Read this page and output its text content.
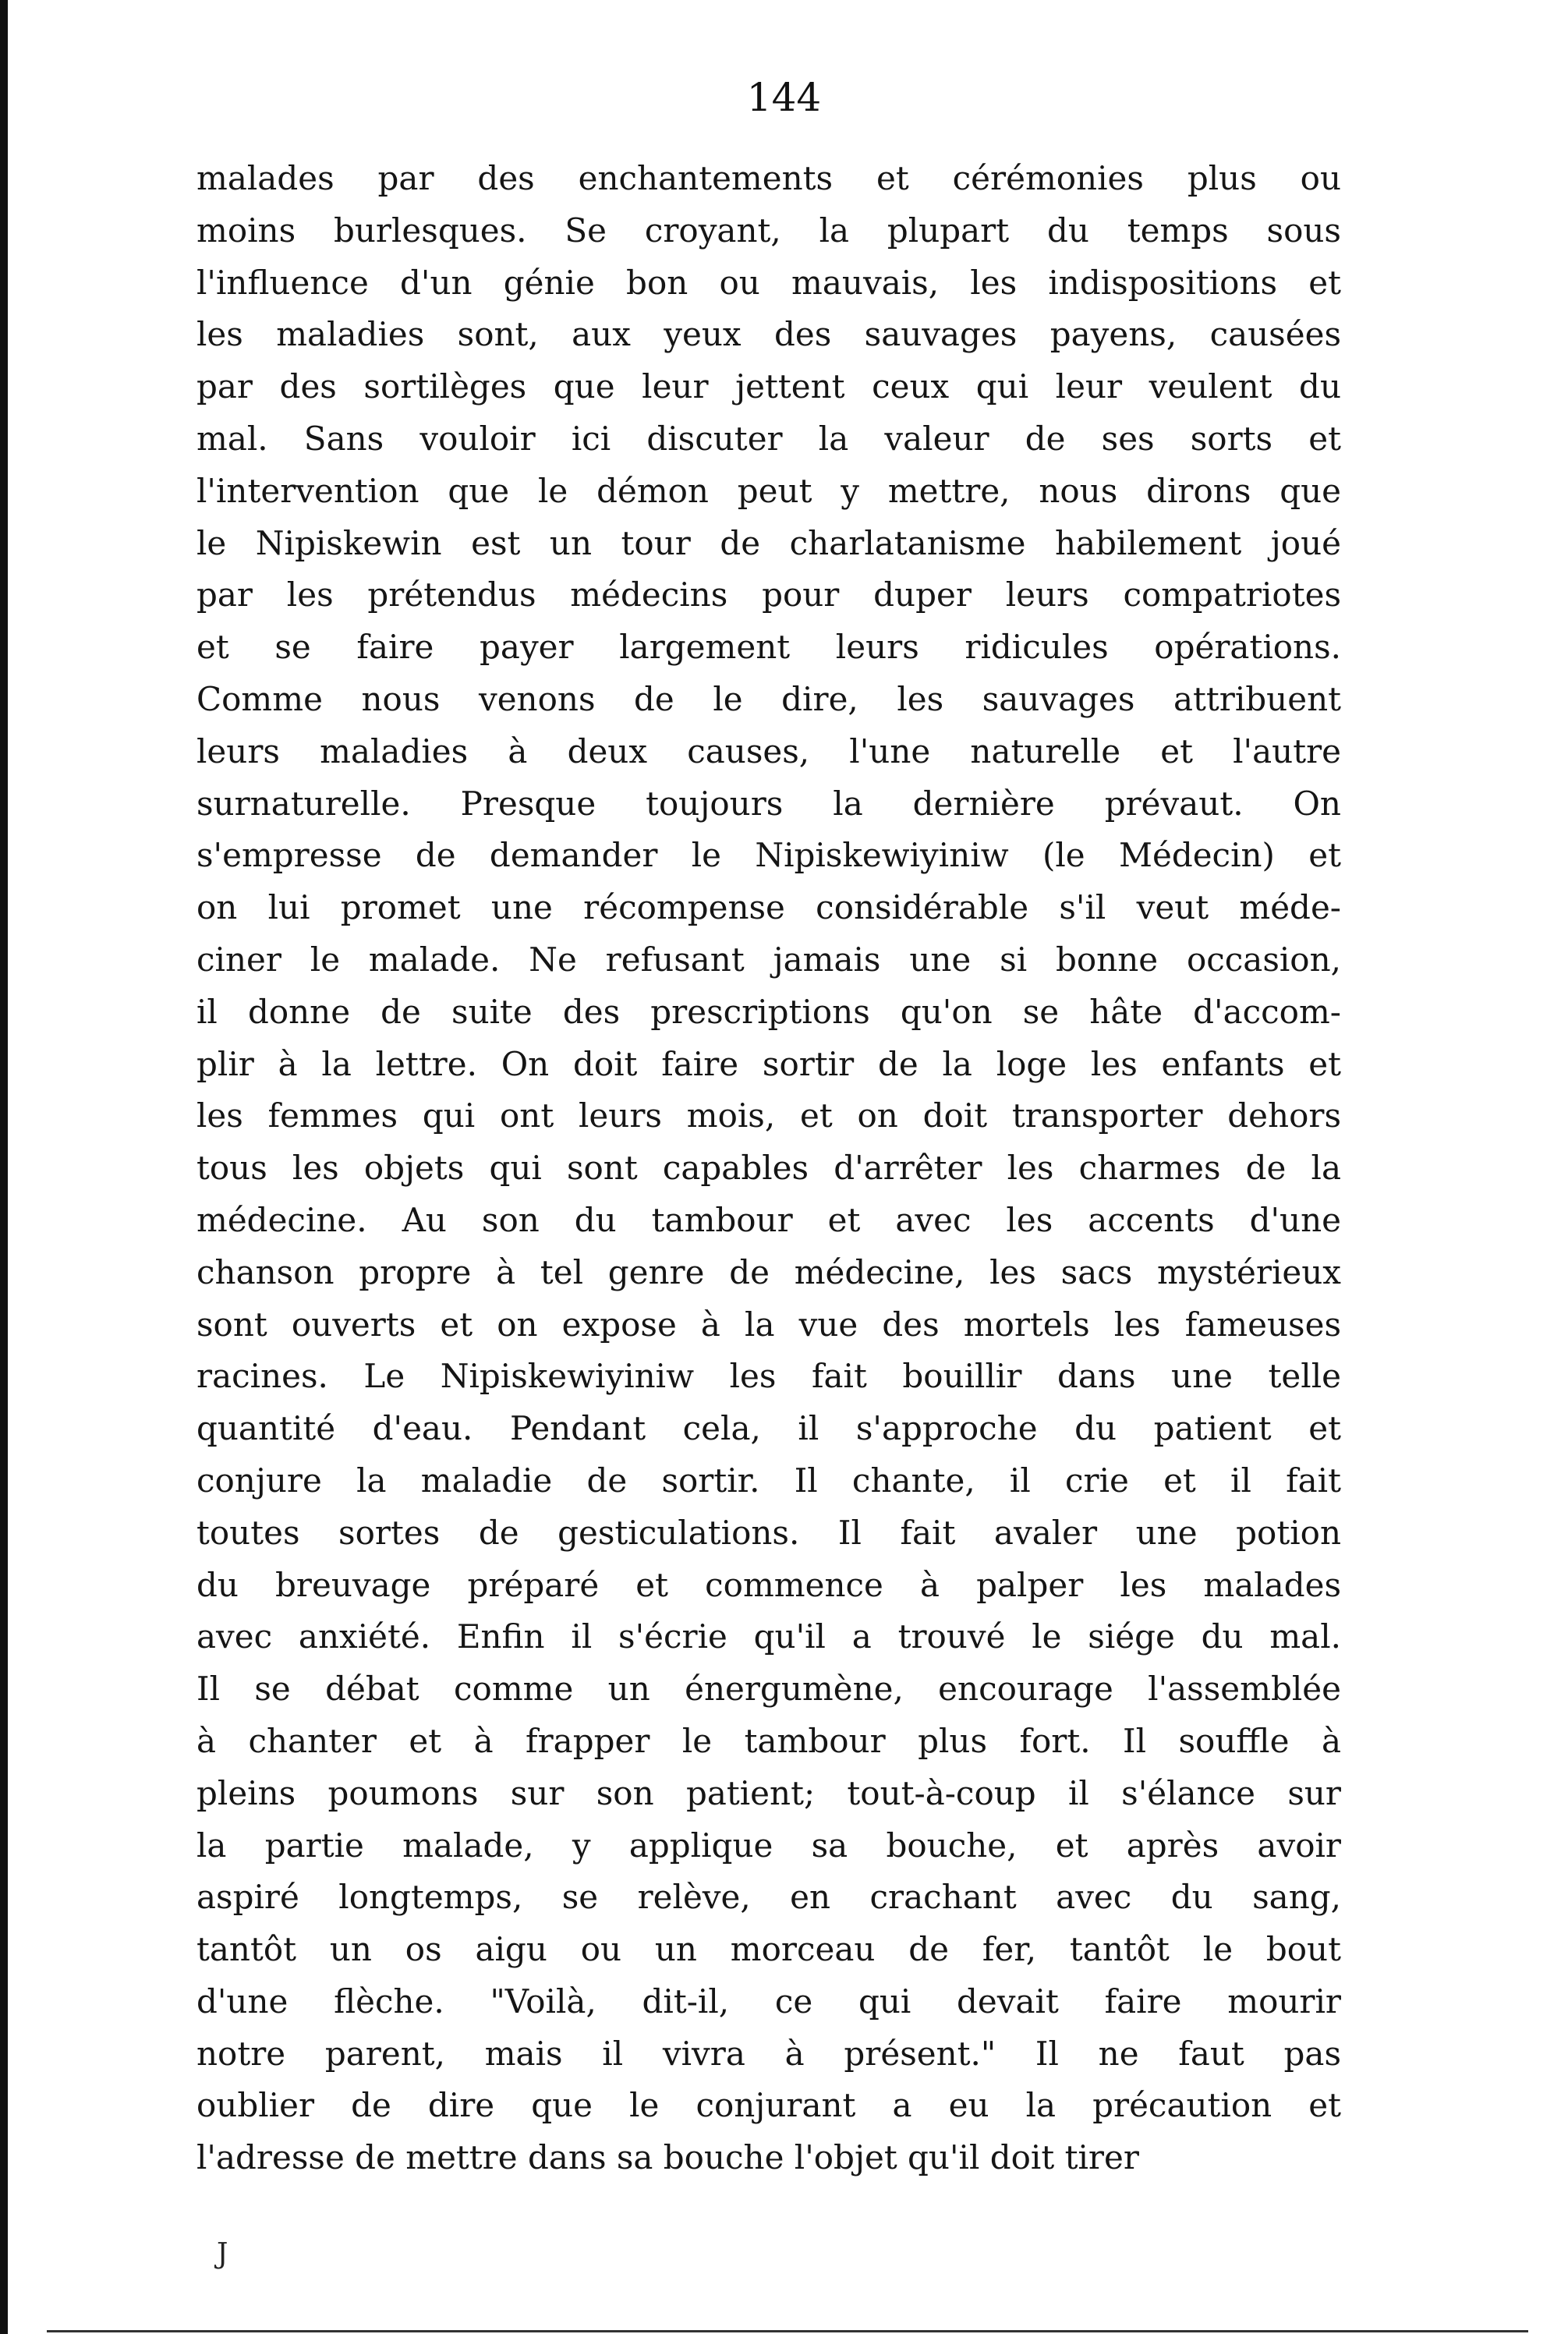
144
malades par des enchantements et cérémonies plus ou
moins burlesques. Se croyant, la plupart du temps sous
l'influence d'un génie bon ou mauvais, les indispositions et
les maladies sont, aux yeux des sauvages payens, causées
par des sortilèges que leur jettent ceux qui leur veulent du
mal. Sans vouloir ici discuter la valeur de ses sorts et
l'intervention que le démon peut y mettre, nous dirons que
le Nipiskewin est un tour de charlatanisme habilement joué
par les prétendus médecins pour duper leurs compatriotes
et se faire payer largement leurs ridicules opérations.
Comme nous venons de le dire, les sauvages attribuent
leurs maladies à deux causes, l'une naturelle et l'autre
surnaturelle. Presque toujours la dernière prévaut. On
s'empresse de demander le Nipiskewiyiniw (le Médecin) et
on lui promet une récompense considérable s'il veut méde-
ciner le malade. Ne refusant jamais une si bonne occasion,
il donne de suite des prescriptions qu'on se hâte d'accom-
plir à la lettre. On doit faire sortir de la loge les enfants et
les femmes qui ont leurs mois, et on doit transporter dehors
tous les objets qui sont capables d'arrêter les charmes de la
médecine. Au son du tambour et avec les accents d'une
chanson propre à tel genre de médecine, les sacs mystérieux
sont ouverts et on expose à la vue des mortels les fameuses
racines. Le Nipiskewiyiniw les fait bouillir dans une telle
quantité d'eau. Pendant cela, il s'approche du patient et
conjure la maladie de sortir. Il chante, il crie et il fait
toutes sortes de gesticulations. Il fait avaler une potion
du breuvage préparé et commence à palper les malades
avec anxiété. Enfin il s'écrie qu'il a trouvé le siége du mal.
Il se débat comme un énergumène, encourage l'assemblée
à chanter et à frapper le tambour plus fort. Il souffle à
pleins poumons sur son patient; tout-à-coup il s'élance sur
la partie malade, y applique sa bouche, et après avoir
aspiré longtemps, se relève, en crachant avec du sang,
tantôt un os aigu ou un morceau de fer, tantôt le bout
d'une flèche. "Voilà, dit-il, ce qui devait faire mourir
notre parent, mais il vivra à présent." Il ne faut pas
oublier de dire que le conjurant a eu la précaution et
l'adresse de mettre dans sa bouche l'objet qu'il doit tirer
J
